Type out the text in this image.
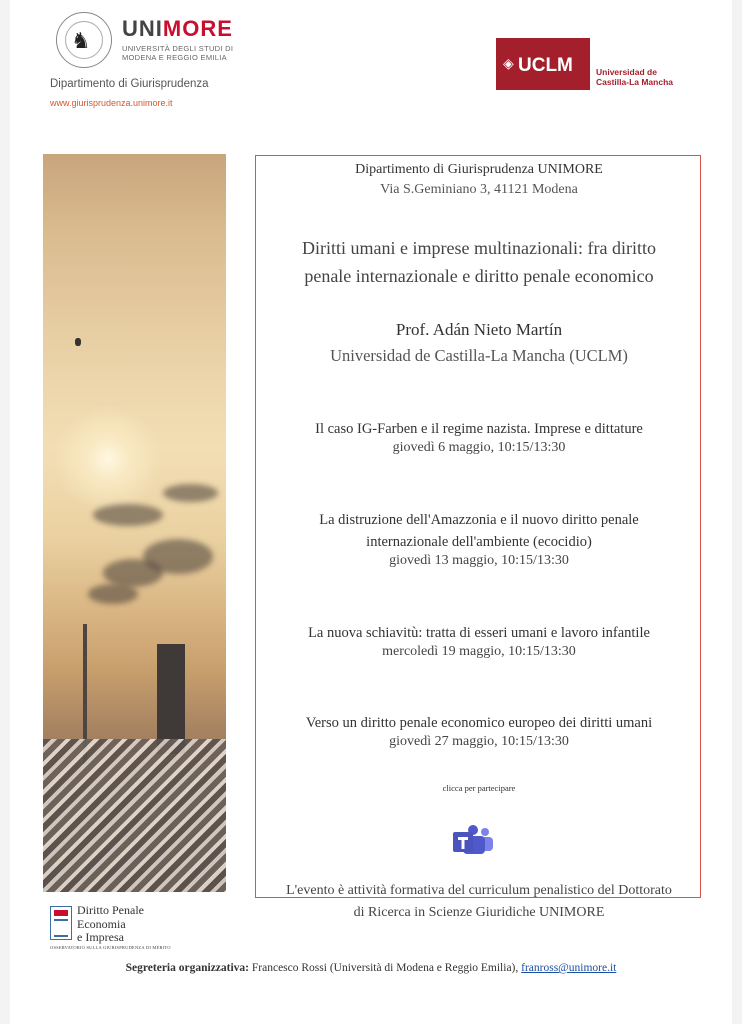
♞
UNIMORE
UNIVERSITÀ DEGLI STUDI DI
MODENA E REGGIO EMILIA
Dipartimento di Giurisprudenza
www.giurisprudenza.unimore.it
◈ UCLM	Universidad de
Castilla-La Mancha
Diritto Penale
Economia
e Impresa
OSSERVATORIO SULLA GIURISPRUDENZA DI MERITO
Dipartimento di Giurisprudenza UNIMORE
Via S.Geminiano 3, 41121 Modena
Diritti umani e imprese multinazionali: fra diritto
penale internazionale e diritto penale economico
Prof. Adán Nieto Martín
Universidad de Castilla-La Mancha (UCLM)
Il caso IG-Farben e il regime nazista. Imprese e dittature
giovedì 6 maggio, 10:15/13:30
La distruzione dell'Amazzonia e il nuovo diritto penale
internazionale dell'ambiente (ecocidio)
giovedì 13 maggio, 10:15/13:30
La nuova schiavitù: tratta di esseri umani e lavoro infantile
mercoledì 19 maggio, 10:15/13:30
Verso un diritto penale economico europeo dei diritti umani
giovedì 27 maggio, 10:15/13:30
clicca per partecipare
L'evento è attività formativa del curriculum penalistico del Dottorato
di Ricerca in Scienze Giuridiche UNIMORE
Segreteria organizzativa: Francesco Rossi (Università di Modena e Reggio Emilia), franross@unimore.it
